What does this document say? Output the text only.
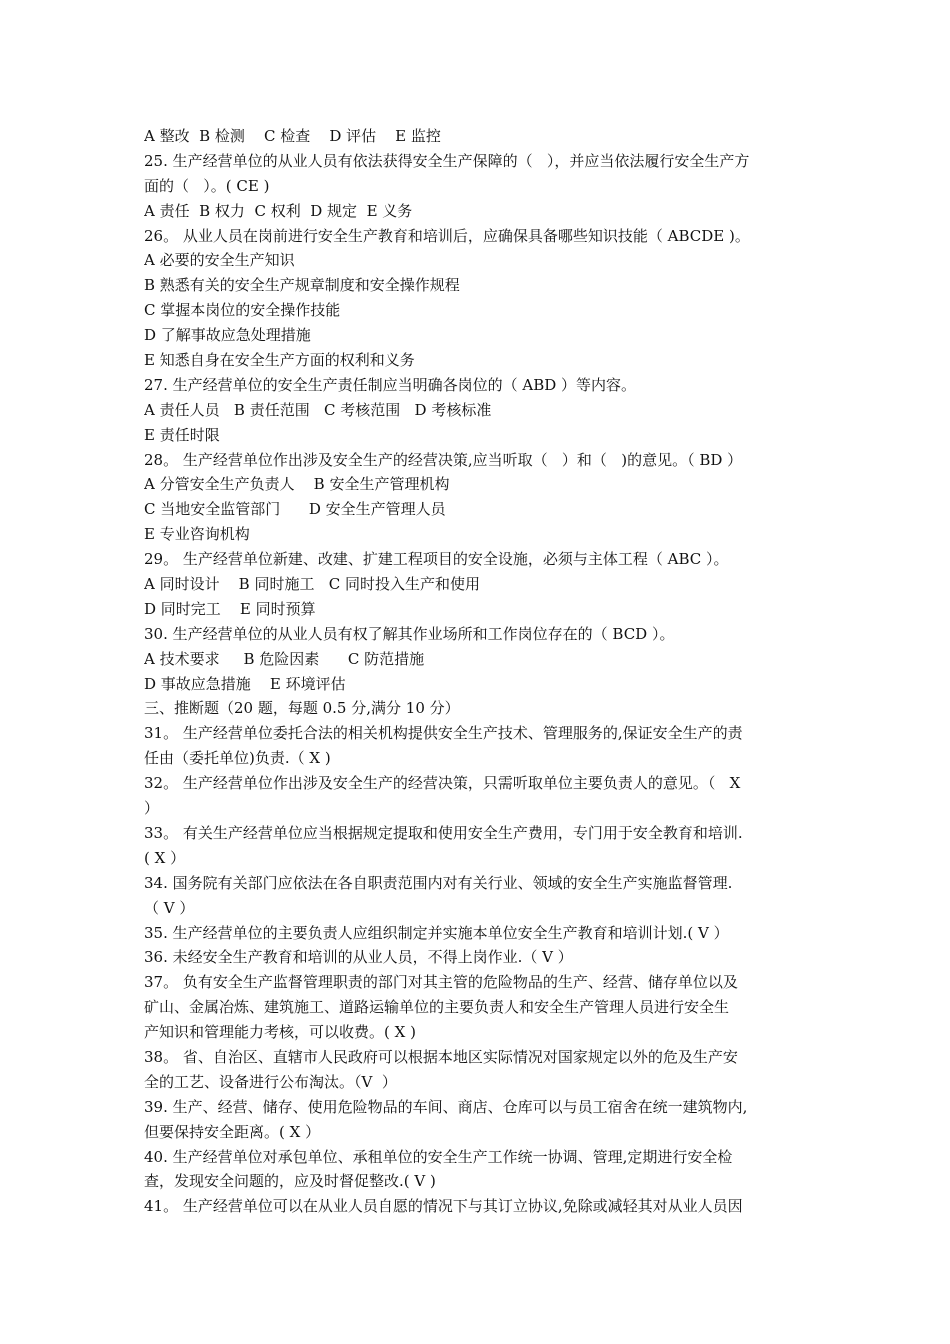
A 整改  B 检测    C 检查    D 评估    E 监控
25. 生产经营单位的从业人员有依法获得安全生产保障的（   ），并应当依法履行安全生产方
面的（   ）。( CE )
A 责任  B 权力  C 权利  D 规定  E 义务
26。 从业人员在岗前进行安全生产教育和培训后，应确保具备哪些知识技能（ ABCDE )。
A 必要的安全生产知识
B 熟悉有关的安全生产规章制度和安全操作规程
C 掌握本岗位的安全操作技能
D 了解事故应急处理措施
E 知悉自身在安全生产方面的权利和义务
27. 生产经营单位的安全生产责任制应当明确各岗位的（ ABD ）等内容。
A 责任人员   B 责任范围   C 考核范围   D 考核标准
E 责任时限
28。 生产经营单位作出涉及安全生产的经营决策,应当听取（   ）和（   )的意见。（ BD ）
A 分管安全生产负责人    B 安全生产管理机构
C 当地安全监管部门      D 安全生产管理人员
E 专业咨询机构
29。 生产经营单位新建、改建、扩建工程项目的安全设施，必须与主体工程（ ABC ）。
A 同时设计    B 同时施工   C 同时投入生产和使用
D 同时完工    E 同时预算
30. 生产经营单位的从业人员有权了解其作业场所和工作岗位存在的（ BCD ）。
A 技术要求     B 危险因素      C 防范措施
D 事故应急措施    E 环境评估
三、推断题（20 题，每题 0.5 分,满分 10 分）
31。 生产经营单位委托合法的相关机构提供安全生产技术、管理服务的,保证安全生产的责
任由（委托单位)负责.（ X )
32。 生产经营单位作出涉及安全生产的经营决策，只需听取单位主要负责人的意见。（   X
）
33。 有关生产经营单位应当根据规定提取和使用安全生产费用，专门用于安全教育和培训.
( X ）
34. 国务院有关部门应依法在各自职责范围内对有关行业、领域的安全生产实施监督管理.
（ V ）
35. 生产经营单位的主要负责人应组织制定并实施本单位安全生产教育和培训计划.( V ）
36. 未经安全生产教育和培训的从业人员，不得上岗作业.（ V ）
37。 负有安全生产监督管理职责的部门对其主管的危险物品的生产、经营、储存单位以及
矿山、金属冶炼、建筑施工、道路运输单位的主要负责人和安全生产管理人员进行安全生
产知识和管理能力考核，可以收费。( X )
38。 省、自治区、直辖市人民政府可以根据本地区实际情况对国家规定以外的危及生产安
全的工艺、设备进行公布淘汰。（V  ）
39. 生产、经营、储存、使用危险物品的车间、商店、仓库可以与员工宿舍在统一建筑物内,
但要保持安全距离。( X ）
40. 生产经营单位对承包单位、承租单位的安全生产工作统一协调、管理,定期进行安全检
查，发现安全问题的，应及时督促整改.( V )
41。 生产经营单位可以在从业人员自愿的情况下与其订立协议,免除或减轻其对从业人员因
